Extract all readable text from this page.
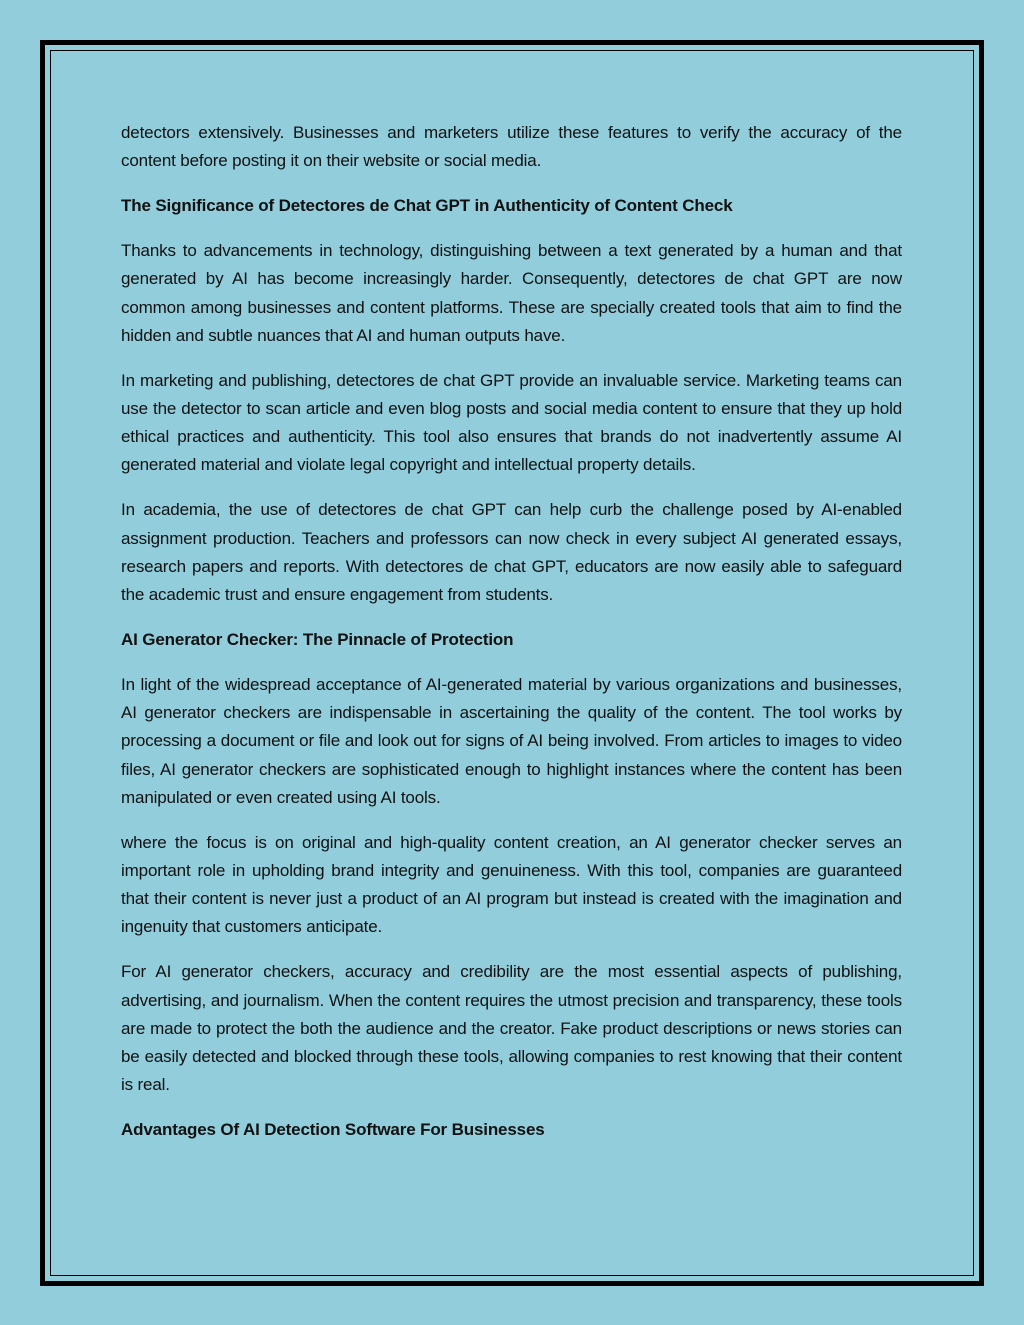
detectors extensively. Businesses and marketers utilize these features to verify the accuracy of the content before posting it on their website or social media.

The Significance of Detectores de Chat GPT in Authenticity of Content Check

Thanks to advancements in technology, distinguishing between a text generated by a human and that generated by AI has become increasingly harder. Consequently, detectores de chat GPT are now common among businesses and content platforms. These are specially created tools that aim to find the hidden and subtle nuances that AI and human outputs have.

In marketing and publishing, detectores de chat GPT provide an invaluable service. Marketing teams can use the detector to scan article and even blog posts and social media content to ensure that they up hold ethical practices and authenticity. This tool also ensures that brands do not inadvertently assume AI generated material and violate legal copyright and intellectual property details.

In academia, the use of detectores de chat GPT can help curb the challenge posed by AI-enabled assignment production. Teachers and professors can now check in every subject AI generated essays, research papers and reports. With detectores de chat GPT, educators are now easily able to safeguard the academic trust and ensure engagement from students.

AI Generator Checker: The Pinnacle of Protection

In light of the widespread acceptance of AI-generated material by various organizations and businesses, AI generator checkers are indispensable in ascertaining the quality of the content. The tool works by processing a document or file and look out for signs of AI being involved. From articles to images to video files, AI generator checkers are sophisticated enough to highlight instances where the content has been manipulated or even created using AI tools.

where the focus is on original and high-quality content creation, an AI generator checker serves an important role in upholding brand integrity and genuineness. With this tool, companies are guaranteed that their content is never just a product of an AI program but instead is created with the imagination and ingenuity that customers anticipate.

For AI generator checkers, accuracy and credibility are the most essential aspects of publishing, advertising, and journalism. When the content requires the utmost precision and transparency, these tools are made to protect the both the audience and the creator. Fake product descriptions or news stories can be easily detected and blocked through these tools, allowing companies to rest knowing that their content is real.

Advantages Of AI Detection Software For Businesses
